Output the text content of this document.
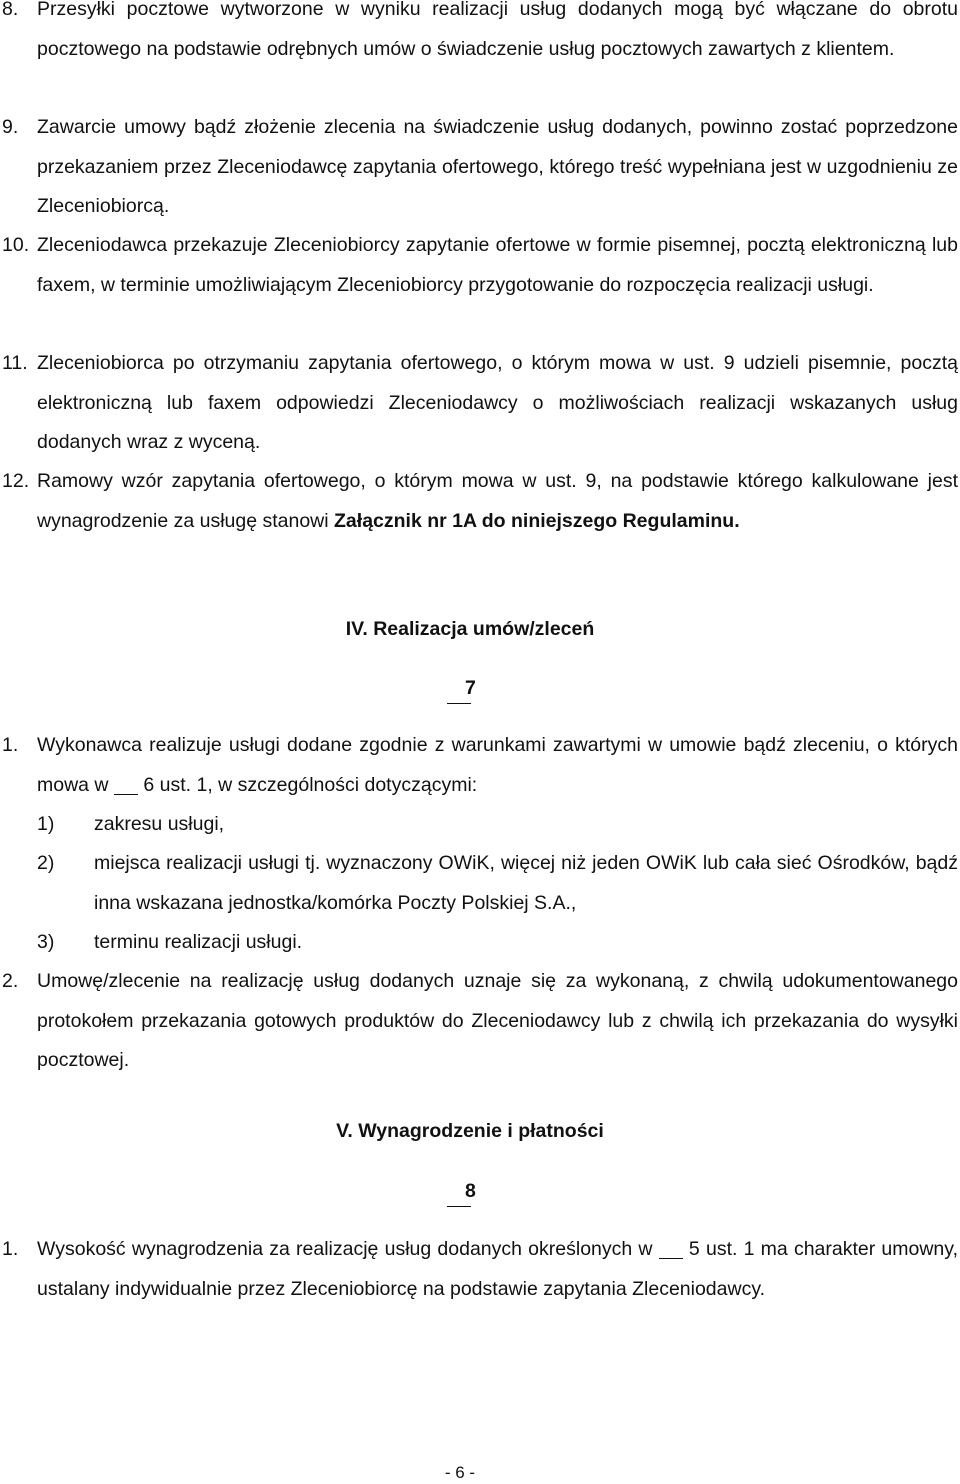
8. Przesyłki pocztowe wytworzone w wyniku realizacji usług dodanych mogą być włączane do obrotu pocztowego na podstawie odrębnych umów o świadczenie usług pocztowych zawartych z klientem.
9. Zawarcie umowy bądź złożenie zlecenia na świadczenie usług dodanych, powinno zostać poprzedzone przekazaniem przez Zleceniodawcę zapytania ofertowego, którego treść wypełniana jest w uzgodnieniu ze Zleceniobiorcą.
10. Zleceniodawca przekazuje Zleceniobiorcy zapytanie ofertowe w formie pisemnej, pocztą elektroniczną lub faxem, w terminie umożliwiającym Zleceniobiorcy przygotowanie do rozpoczęcia realizacji usługi.
11. Zleceniobiorca po otrzymaniu zapytania ofertowego, o którym mowa w ust. 9 udzieli pisemnie, pocztą elektroniczną lub faxem odpowiedzi Zleceniodawcy o możliwościach realizacji wskazanych usług dodanych wraz z wyceną.
12. Ramowy wzór zapytania ofertowego, o którym mowa w ust. 9, na podstawie którego kalkulowane jest wynagrodzenie za usługę stanowi Załącznik nr 1A do niniejszego Regulaminu.
IV. Realizacja umów/zleceń
7
1. Wykonawca realizuje usługi dodane zgodnie z warunkami zawartymi w umowie bądź zleceniu, o których mowa w 6 ust. 1, w szczególności dotyczącymi:
1) zakresu usługi,
2) miejsca realizacji usługi tj. wyznaczony OWiK, więcej niż jeden OWiK lub cała sieć Ośrodków, bądź inna wskazana jednostka/komórka Poczty Polskiej S.A.,
3) terminu realizacji usługi.
2. Umowę/zlecenie na realizację usług dodanych uznaje się za wykonaną, z chwilą udokumentowanego protokołem przekazania gotowych produktów do Zleceniodawcy lub z chwilą ich przekazania do wysyłki pocztowej.
V. Wynagrodzenie i płatności
8
1. Wysokość wynagrodzenia za realizację usług dodanych określonych w 5 ust. 1 ma charakter umowny, ustalany indywidualnie przez Zleceniobiorcę na podstawie zapytania Zleceniodawcy.
- 6 -
